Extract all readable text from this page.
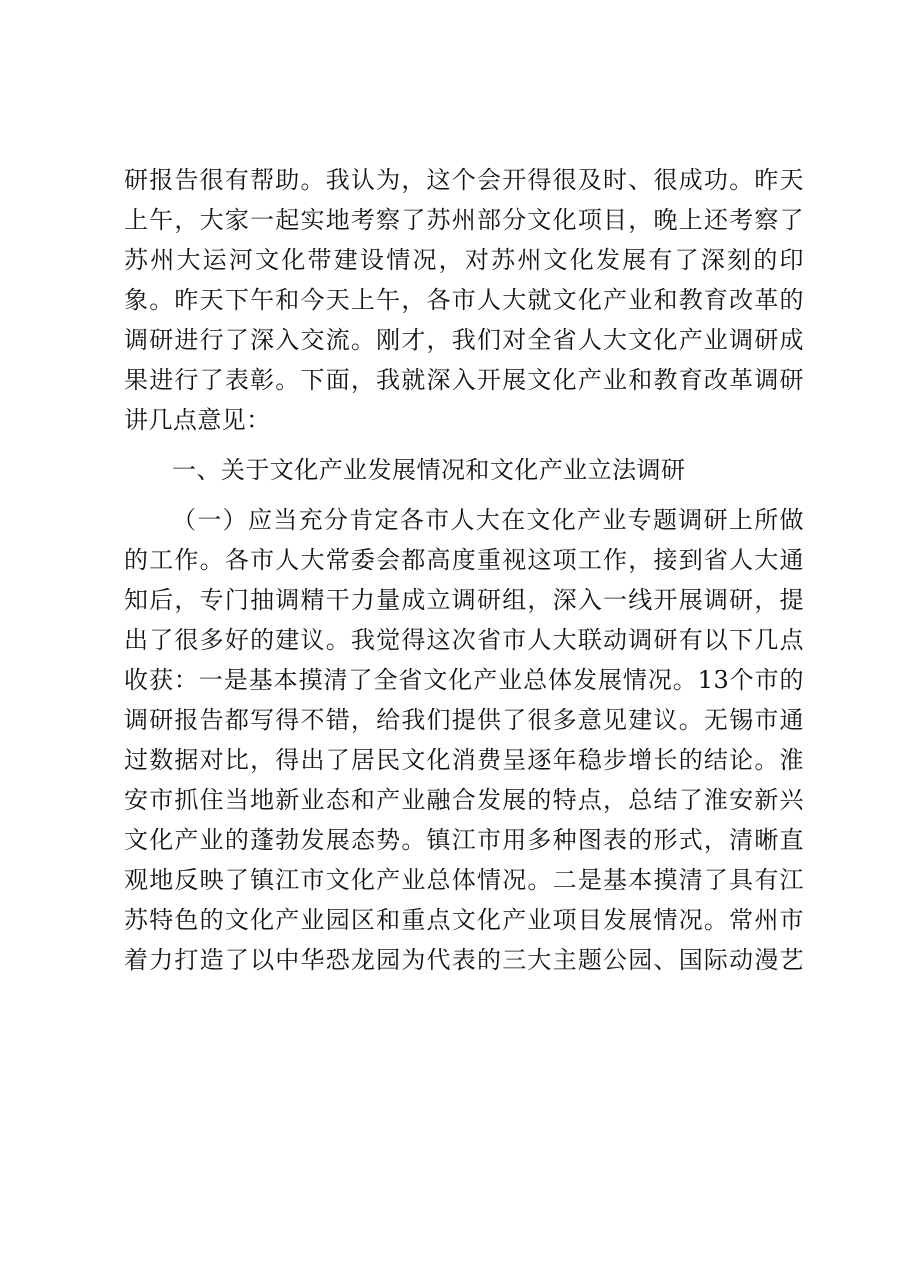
研报告很有帮助。我认为，这个会开得很及时、很成功。昨天
上午，大家一起实地考察了苏州部分文化项目，晚上还考察了
苏州大运河文化带建设情况，对苏州文化发展有了深刻的印
象。昨天下午和今天上午，各市人大就文化产业和教育改革的
调研进行了深入交流。刚才，我们对全省人大文化产业调研成
果进行了表彰。下面，我就深入开展文化产业和教育改革调研
讲几点意见：
一、关于文化产业发展情况和文化产业立法调研
（一）应当充分肯定各市人大在文化产业专题调研上所做
的工作。各市人大常委会都高度重视这项工作，接到省人大通
知后，专门抽调精干力量成立调研组，深入一线开展调研，提
出了很多好的建议。我觉得这次省市人大联动调研有以下几点
收获：一是基本摸清了全省文化产业总体发展情况。13个市的
调研报告都写得不错，给我们提供了很多意见建议。无锡市通
过数据对比，得出了居民文化消费呈逐年稳步增长的结论。淮
安市抓住当地新业态和产业融合发展的特点，总结了淮安新兴
文化产业的蓬勃发展态势。镇江市用多种图表的形式，清晰直
观地反映了镇江市文化产业总体情况。二是基本摸清了具有江
苏特色的文化产业园区和重点文化产业项目发展情况。常州市
着力打造了以中华恐龙园为代表的三大主题公园、国际动漫艺
